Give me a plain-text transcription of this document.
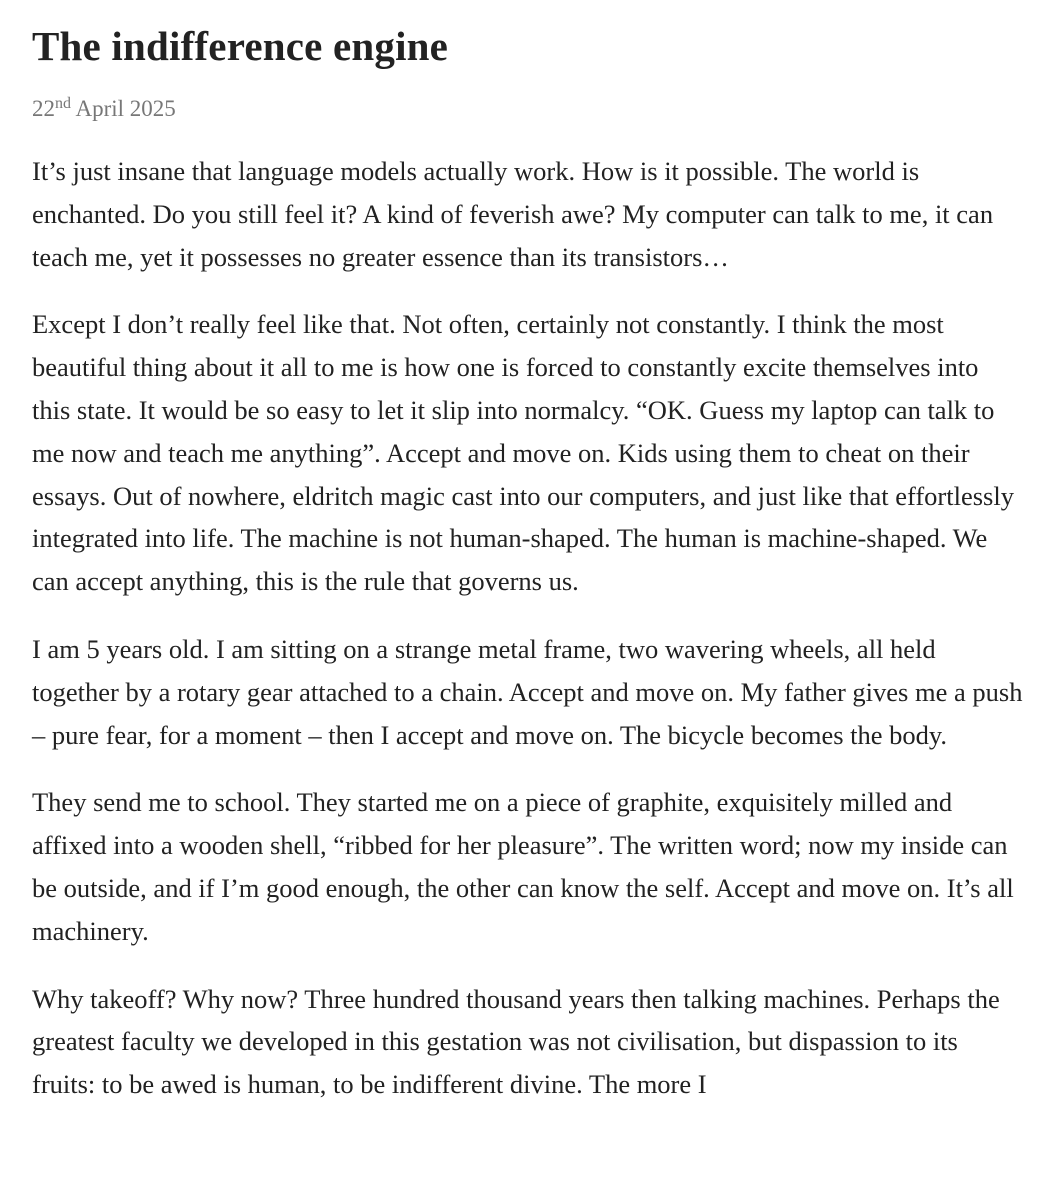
The indifference engine
22nd April 2025

It’s just insane that language models actually work. How is it possible. The world is enchanted. Do you still feel it? A kind of feverish awe? My computer can talk to me, it can teach me, yet it possesses no greater essence than its transistors…

Except I don’t really feel like that. Not often, certainly not constantly. I think the most beautiful thing about it all to me is how one is forced to constantly excite themselves into this state. It would be so easy to let it slip into normalcy. “OK. Guess my laptop can talk to me now and teach me anything”. Accept and move on. Kids using them to cheat on their essays. Out of nowhere, eldritch magic cast into our computers, and just like that effortlessly integrated into life. The machine is not human-shaped. The human is machine-shaped. We can accept anything, this is the rule that governs us.

I am 5 years old. I am sitting on a strange metal frame, two wavering wheels, all held together by a rotary gear attached to a chain. Accept and move on. My father gives me a push – pure fear, for a moment – then I accept and move on. The bicycle becomes the body.

They send me to school. They started me on a piece of graphite, exquisitely milled and affixed into a wooden shell, “ribbed for her pleasure”. The written word; now my inside can be outside, and if I’m good enough, the other can know the self. Accept and move on. It’s all machinery.

Why takeoff? Why now? Three hundred thousand years then talking machines. Perhaps the greatest faculty we developed in this gestation was not civilisation, but dispassion to its fruits: to be awed is human, to be indifferent divine. The more I
